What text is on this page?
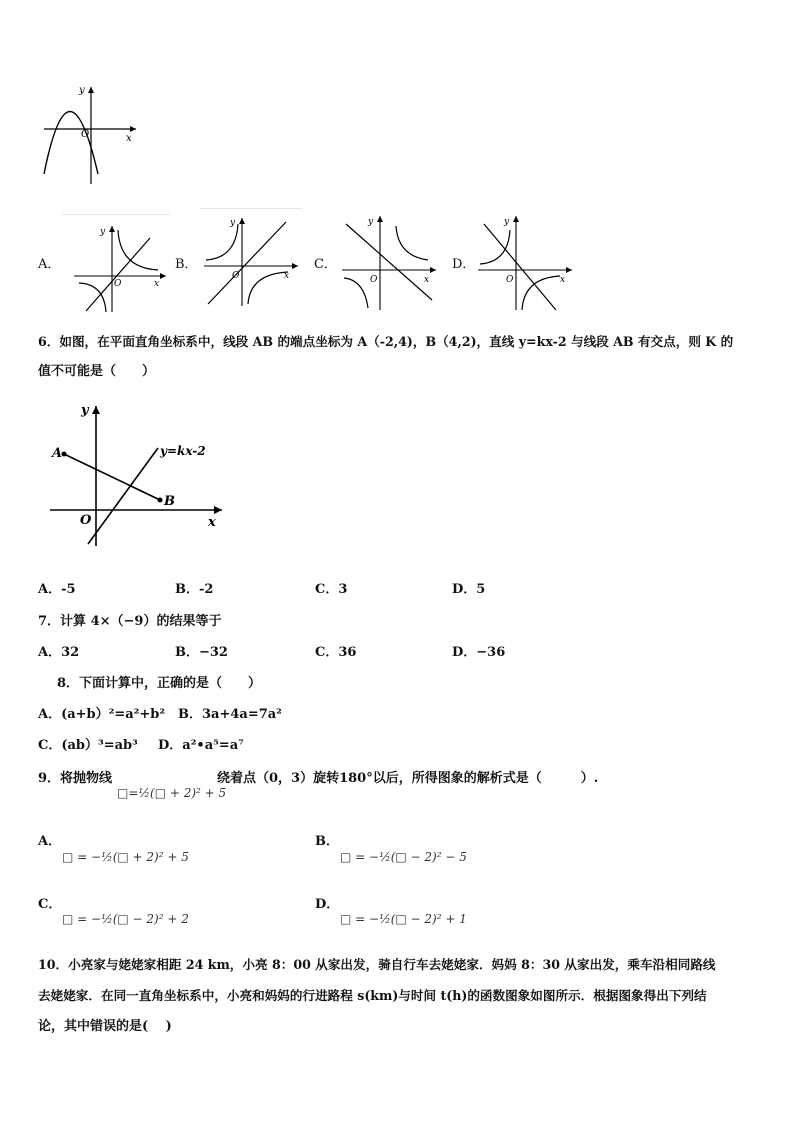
y
x
O
A．
y
x
O
B．
y
x
O
C．
y
x
O
D．
y
x
O
6．如图，在平面直角坐标系中，线段 AB 的端点坐标为 A（-2,4)，B（4,2)，直线 y=kx-2 与线段 AB 有交点，则 K 的
值不可能是（　　）
y
x
O
A
B
y=kx-2
A．-5	B．-2	C．3	D．5
7．计算 4×（−9）的结果等于
A．32	B．−32	C．36	D．−36
8．下面计算中，正确的是（　　）
A．(a+b）²=a²+b² B．3a+4a=7a²
C．(ab）³=ab³ D．a²•a⁵=a⁷
9．将抛物线
□=½(□ + 2)² + 5
绕着点（0，3）旋转180°以后，所得图象的解析式是（　　　）.
A．
□ = −½(□ + 2)² + 5
B．
□ = −½(□ − 2)² − 5
C．
□ = −½(□ − 2)² + 2
D．
□ = −½(□ − 2)² + 1
10．小亮家与姥姥家相距 24 km，小亮 8：00 从家出发，骑自行车去姥姥家．妈妈 8：30 从家出发，乘车沿相同路线
去姥姥家．在同一直角坐标系中，小亮和妈妈的行进路程 s(km)与时间 t(h)的函数图象如图所示．根据图象得出下列结
论，其中错误的是(　 )
